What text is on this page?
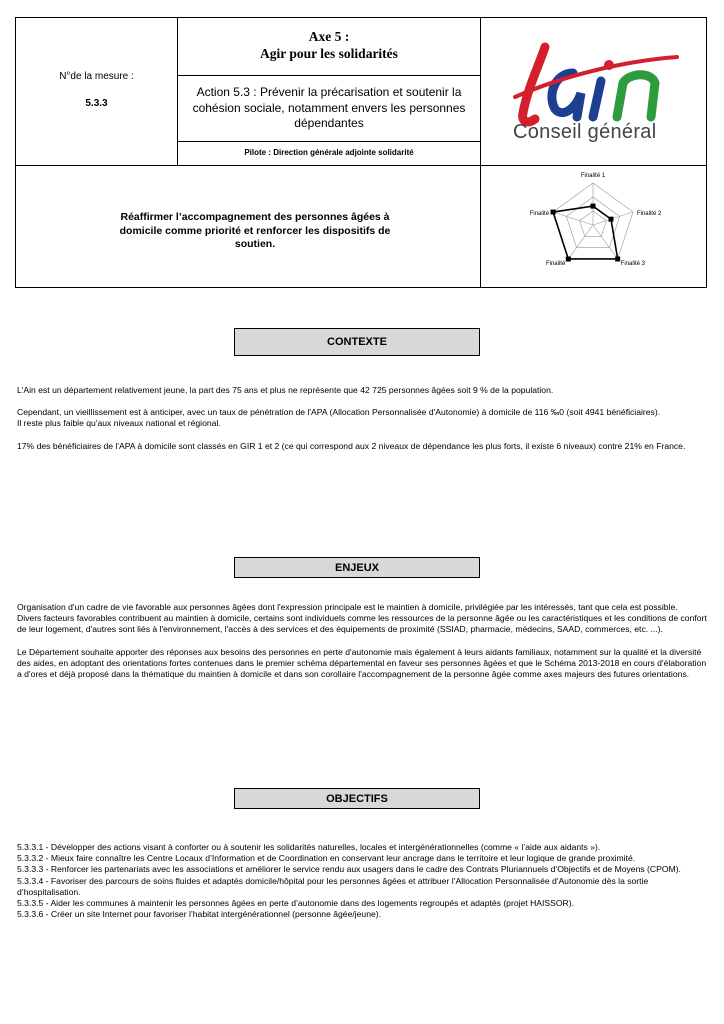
N°de la mesure :
5.3.3
Axe 5 :
Agir pour les solidarités
Action 5.3 : Prévenir la précarisation et soutenir la cohésion sociale, notamment envers les personnes dépendantes
Pilote : Direction générale adjointe solidarité
Conseil général
Réaffirmer l’accompagnement des personnes âgées à domicile comme priorité et renforcer les dispositifs de soutien.
Finalité 1
Finalité 2
Finalité 3
Finalité
Finalité
CONTEXTE

L'Ain est un département relativement jeune, la part des 75 ans et plus ne représente que 42 725 personnes âgées soit 9 % de la population.

Cependant, un vieillissement est à anticiper, avec un taux de pénétration de l'APA (Allocation Personnalisée d'Autonomie) à domicile de 116 ‰0 (soit 4941 bénéficiaires).

Il reste plus faible qu'aux niveaux national et régional.

17% des bénéficiaires de l'APA à domicile sont classés en GIR 1 et 2 (ce qui correspond aux 2 niveaux de dépendance les plus forts, il existe 6 niveaux) contre 21% en France.

ENJEUX

Organisation d'un cadre de vie favorable aux personnes âgées dont l'expression principale est le maintien à domicile, privilégiée par les intéressés, tant que cela est possible.

Divers facteurs favorables contribuent au maintien à domicile, certains sont individuels comme les ressources de la personne âgée ou les caractéristiques et les conditions de confort de leur logement, d'autres sont liés à l'environnement, l'accès à des services et des équipements de proximité (SSIAD, pharmacie, médecins, SAAD, commerces, etc. ...).

Le Département souhaite apporter des réponses aux besoins des personnes en perte d'autonomie mais également à leurs aidants familiaux, notamment sur la qualité et la diversité des aides, en adoptant des orientations fortes contenues dans le premier schéma départemental en faveur ses personnes âgées et que le Schéma 2013-2018 en cours d'élaboration a d'ores et déjà proposé dans la thématique du maintien à domicile et dans son corollaire l'accompagnement de la personne âgée comme axes majeurs des futures orientations.

OBJECTIFS
5.3.3.1 - Développer des actions visant à conforter ou à soutenir les solidarités naturelles, locales et intergénérationnelles (comme « l’aide aux aidants »).
5.3.3.2 - Mieux faire connaître les Centre Locaux d’Information et de Coordination en conservant leur ancrage dans le territoire et leur logique de grande proximité.
5.3.3.3 - Renforcer les partenariats avec les associations et améliorer le service rendu aux usagers dans le cadre des Contrats Pluriannuels d’Objectifs et de Moyens (CPOM).
5.3.3.4 - Favoriser des parcours de soins fluides et adaptés domicile/hôpital pour les personnes âgées et attribuer l’Allocation Personnalisée d'Autonomie dès la sortie d’hospitalisation.
5.3.3.5 - Aider les communes à maintenir les personnes âgées en perte d’autonomie dans des logements regroupés et adaptés (projet HAISSOR).
5.3.3.6 - Créer un site Internet pour favoriser l’habitat intergénérationnel (personne âgée/jeune).
